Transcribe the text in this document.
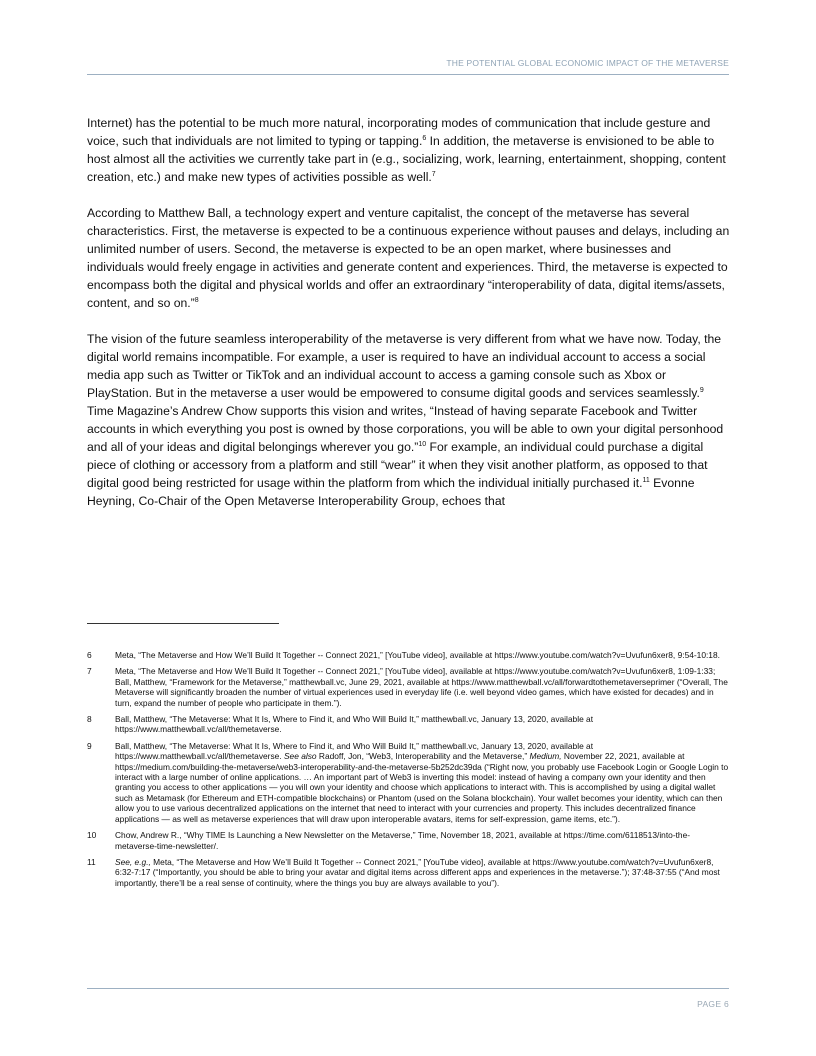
THE POTENTIAL GLOBAL ECONOMIC IMPACT OF THE METAVERSE

Internet) has the potential to be much more natural, incorporating modes of communication that include gesture and voice, such that individuals are not limited to typing or tapping.$^6$ In addition, the metaverse is envisioned to be able to host almost all the activities we currently take part in (e.g., socializing, work, learning, entertainment, shopping, content creation, etc.) and make new types of activities possible as well.$^7$

According to Matthew Ball, a technology expert and venture capitalist, the concept of the metaverse has several characteristics. First, the metaverse is expected to be a continuous experience without pauses and delays, including an unlimited number of users. Second, the metaverse is expected to be an open market, where businesses and individuals would freely engage in activities and generate content and experiences. Third, the metaverse is expected to encompass both the digital and physical worlds and offer an extraordinary “interoperability of data, digital items/assets, content, and so on.”$^8$

The vision of the future seamless interoperability of the metaverse is very different from what we have now. Today, the digital world remains incompatible. For example, a user is required to have an individual account to access a social media app such as Twitter or TikTok and an individual account to access a gaming console such as Xbox or PlayStation. But in the metaverse a user would be empowered to consume digital goods and services seamlessly.$^9$ Time Magazine’s Andrew Chow supports this vision and writes, “Instead of having separate Facebook and Twitter accounts in which everything you post is owned by those corporations, you will be able to own your digital personhood and all of your ideas and digital belongings wherever you go.”$^{10}$ For example, an individual could purchase a digital piece of clothing or accessory from a platform and still “wear” it when they visit another platform, as opposed to that digital good being restricted for usage within the platform from which the individual initially purchased it.$^{11}$ Evonne Heyning, Co-Chair of the Open Metaverse Interoperability Group, echoes that

6	Meta, “The Metaverse and How We’ll Build It Together -- Connect 2021,” [YouTube video], available at https://www.youtube.com/watch?v=Uvufun6xer8, 9:54-10:18.
7	Meta, “The Metaverse and How We’ll Build It Together -- Connect 2021,” [YouTube video], available at https://www.youtube.com/watch?v=Uvufun6xer8, 1:09-1:33; Ball, Matthew, “Framework for the Metaverse,” matthewball.vc, June 29, 2021, available at https://www.matthewball.vc/all/forwardtothemetaverseprimer (“Overall, The Metaverse will significantly broaden the number of virtual experiences used in everyday life (i.e. well beyond video games, which have existed for decades) and in turn, expand the number of people who participate in them.”).
8	Ball, Matthew, “The Metaverse: What It Is, Where to Find it, and Who Will Build It,” matthewball.vc, January 13, 2020, available at https://www.matthewball.vc/all/themetaverse.
9	Ball, Matthew, “The Metaverse: What It Is, Where to Find it, and Who Will Build It,” matthewball.vc, January 13, 2020, available at https://www.matthewball.vc/all/themetaverse. See also Radoff, Jon, “Web3, Interoperability and the Metaverse,” Medium, November 22, 2021, available at https://medium.com/building-the-metaverse/web3-interoperability-and-the-metaverse-5b252dc39da (“Right now, you probably use Facebook Login or Google Login to interact with a large number of online applications. … An important part of Web3 is inverting this model: instead of having a company own your identity and then granting you access to other applications — you will own your identity and choose which applications to interact with. This is accomplished by using a digital wallet such as Metamask (for Ethereum and ETH-compatible blockchains) or Phantom (used on the Solana blockchain). Your wallet becomes your identity, which can then allow you to use various decentralized applications on the internet that need to interact with your currencies and property. This includes decentralized finance applications — as well as metaverse experiences that will draw upon interoperable avatars, items for self-expression, game items, etc.”).
10	Chow, Andrew R., “Why TIME Is Launching a New Newsletter on the Metaverse,” Time, November 18, 2021, available at https://time.com/6118513/into-the-metaverse-time-newsletter/.
11	See, e.g., Meta, “The Metaverse and How We’ll Build It Together -- Connect 2021,” [YouTube video], available at https://www.youtube.com/watch?v=Uvufun6xer8, 6:32-7:17 (“Importantly, you should be able to bring your avatar and digital items across different apps and experiences in the metaverse.”); 37:48-37:55 (“And most importantly, there’ll be a real sense of continuity, where the things you buy are always available to you”).
PAGE 6
